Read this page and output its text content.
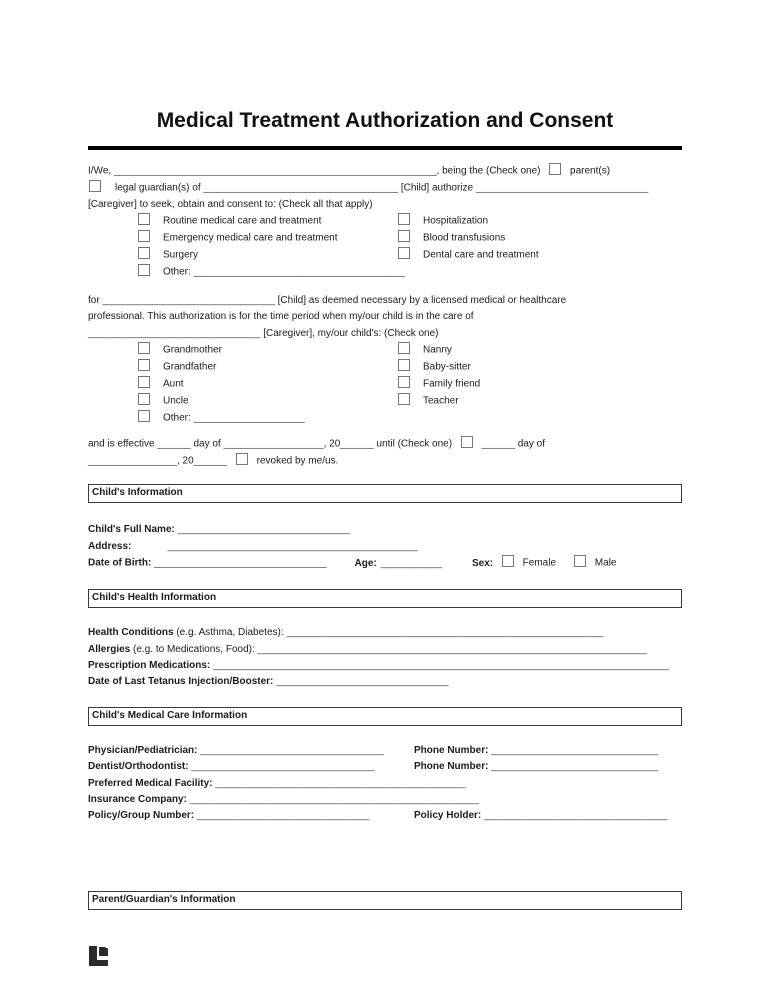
Medical Treatment Authorization and Consent

I/We, __________________________________________________________, being the (Check one)	parent(s)
legal guardian(s) of ___________________________________ [Child] authorize _______________________________
[Caregiver] to seek, obtain and consent to: (Check all that apply)

Routine medical care and treatment	Hospitalization
Emergency medical care and treatment	Blood transfusions
Surgery	Dental care and treatment
Other: ______________________________________

for _______________________________ [Child] as deemed necessary by a licensed medical or healthcare
professional. This authorization is for the time period when my/our child is in the care of
_______________________________ [Caregiver], my/our child's: (Check one)

Grandmother	Nanny
Grandfather	Baby-sitter
Aunt	Family friend
Uncle	Teacher
Other: ____________________

and is effective ______ day of __________________, 20______ until (Check one)	______ day of
________________, 20______	revoked by me/us.

Child's Information
Child's Full Name: _______________________________
Address:	_____________________________________________
Date of Birth: _______________________________	Age: ___________	Sex:	Female	Male
Child's Health Information
Health Conditions (e.g. Asthma, Diabetes): _________________________________________________________
Allergies (e.g. to Medications, Food): ______________________________________________________________________
Prescription Medications: __________________________________________________________________________________
Date of Last Tetanus Injection/Booster: _______________________________
Child's Medical Care Information
Physician/Pediatrician: _________________________________	Phone Number: ______________________________
Dentist/Orthodontist: _________________________________	Phone Number: ______________________________
Preferred Medical Facility: _____________________________________________
Insurance Company: ____________________________________________________
Policy/Group Number: _______________________________	Policy Holder: _________________________________
Parent/Guardian's Information
